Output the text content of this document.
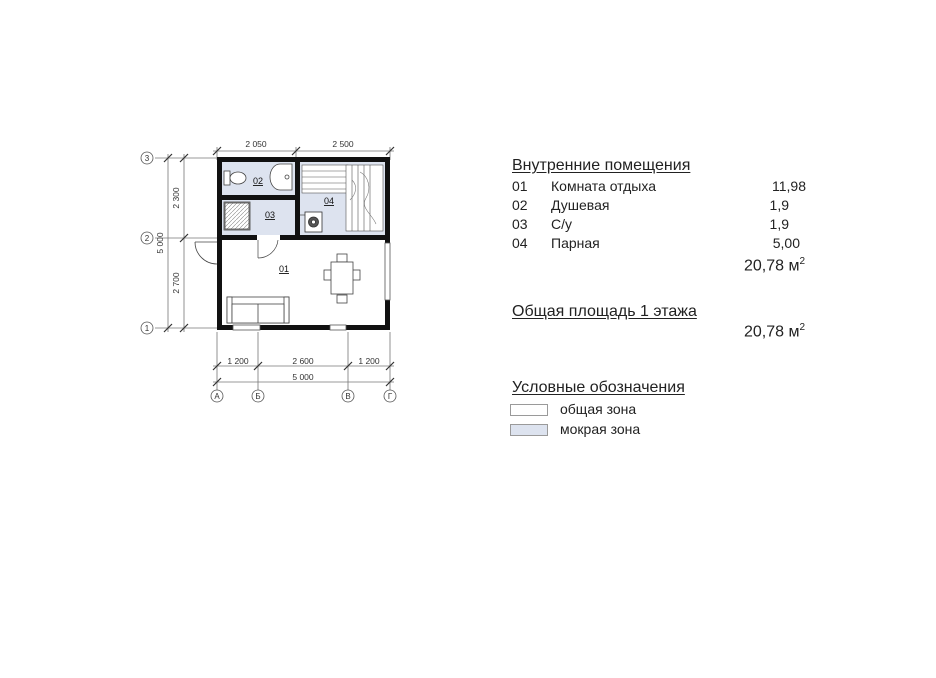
2 050	2 500
2 300
2 700
5 000
1 200	2 600	1 200
5 000
3
2
1
А	Б	В	Г
01
02
03
04
Внутренние помещения
01 Комната отдыха	11,98
02 Душевая	1,9
03 С/у	1,9
04 Парная	5,00
20,78 $м^2$
Общая площадь 1 этажа
20,78 $м^2$
Условные обозначения
общая зона
мокрая зона
